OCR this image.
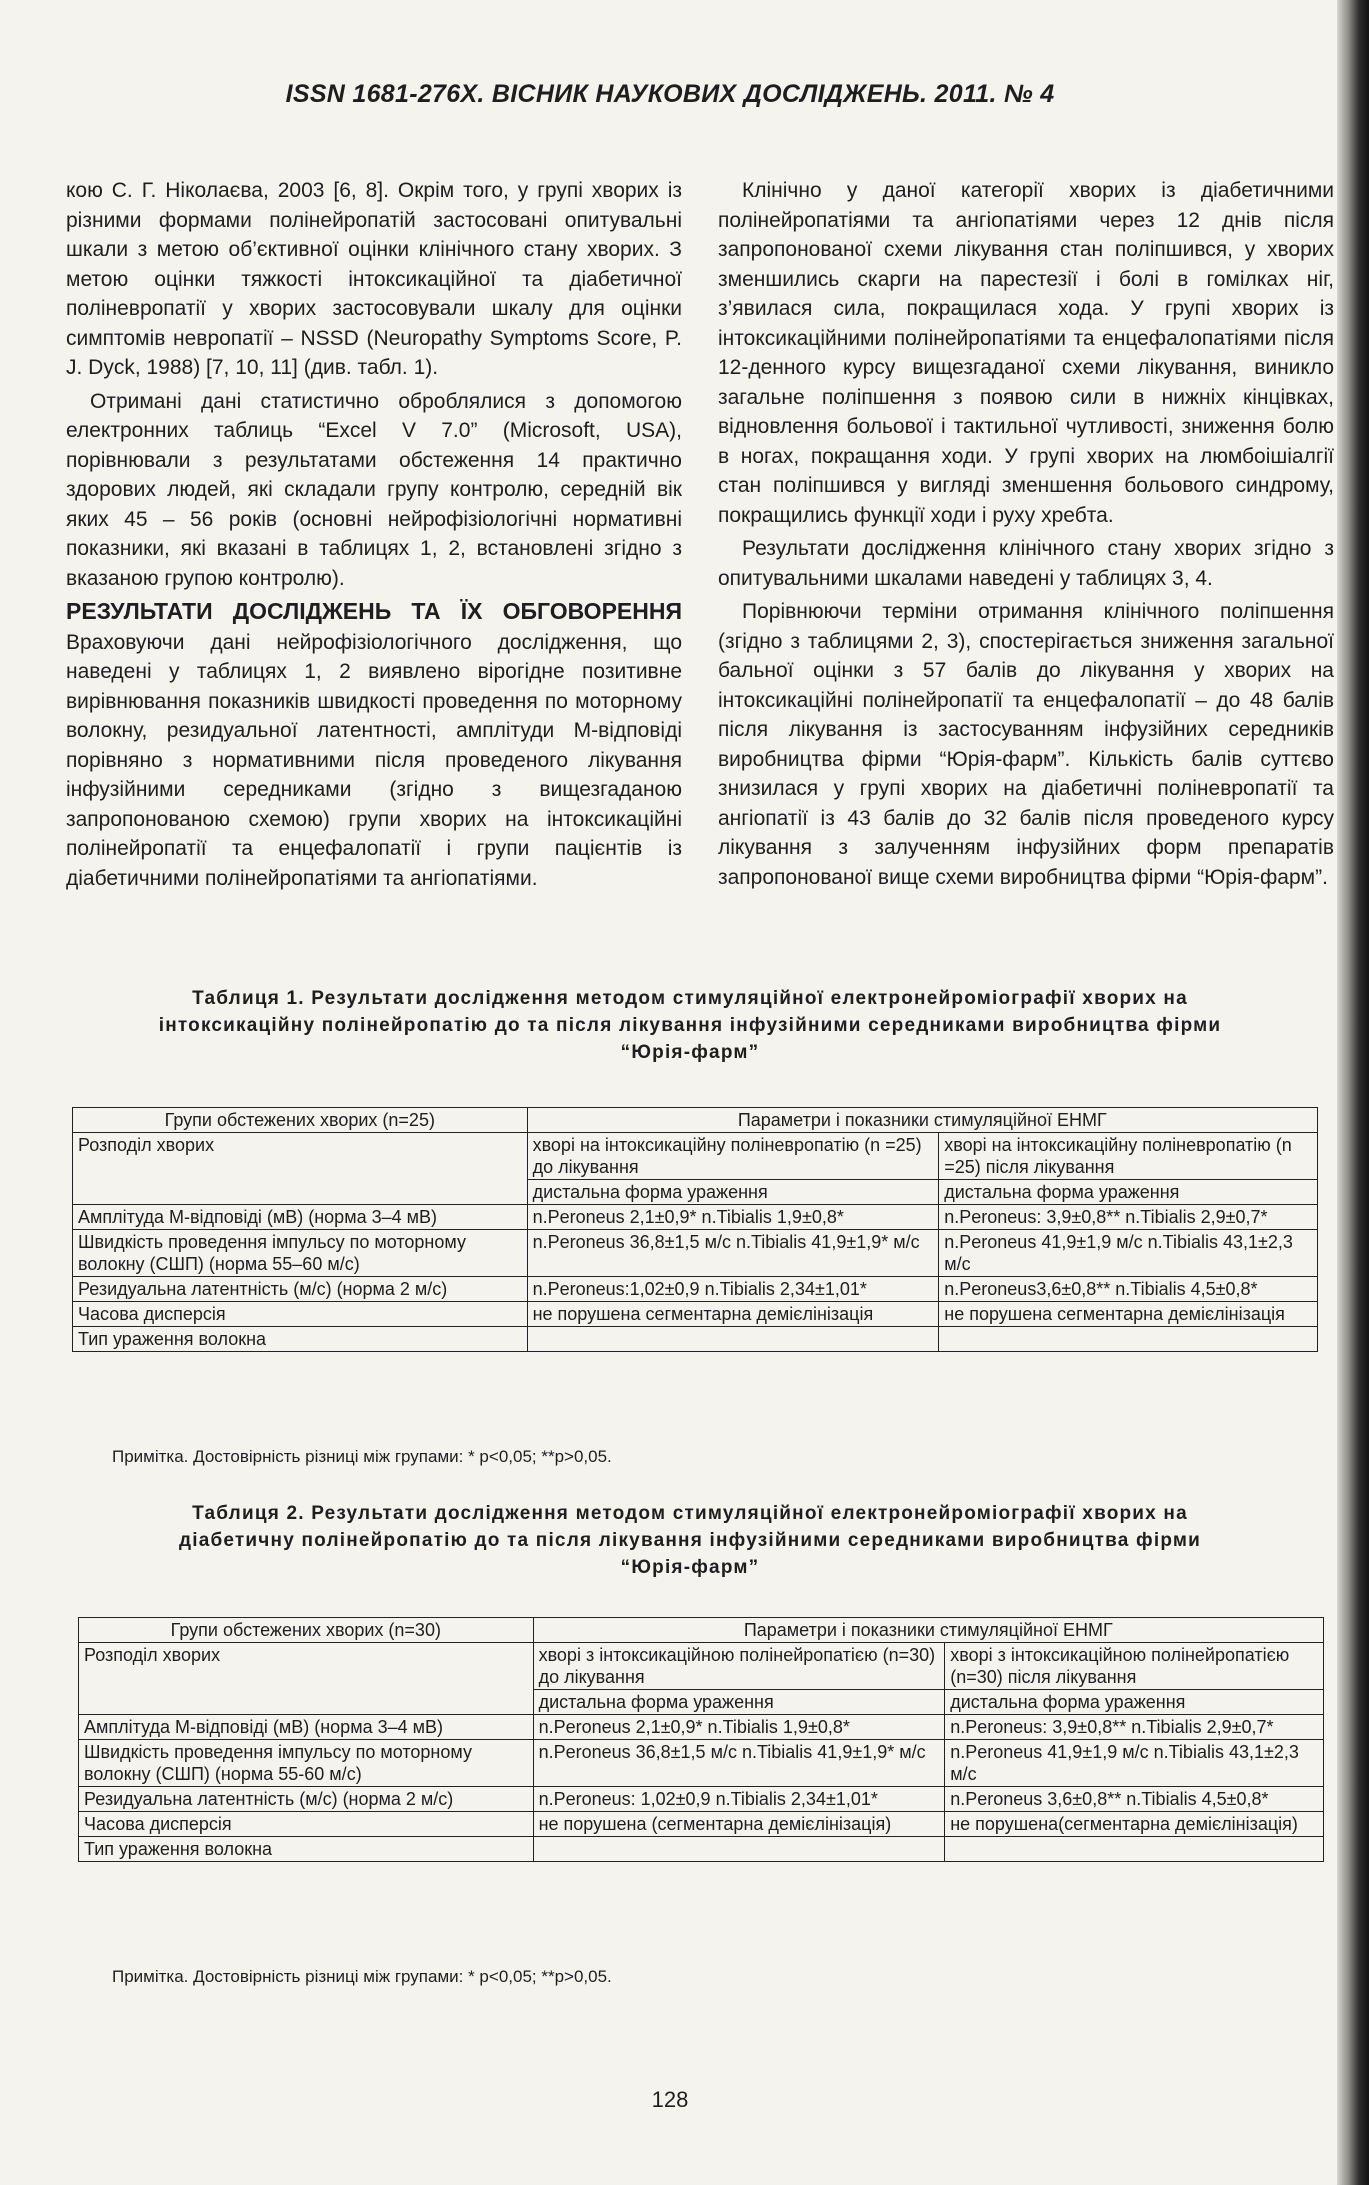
ISSN 1681-276X. ВІСНИК НАУКОВИХ ДОСЛІДЖЕНЬ. 2011. № 4

кою С. Г. Ніколаєва, 2003 [6, 8]. Окрім того, у групі хворих із різними формами полінейропатій застосовані опитувальні шкали з метою об’єктивної оцінки клінічного стану хворих. З метою оцінки тяжкості інтоксикаційної та діабетичної поліневропатії у хворих застосовували шкалу для оцінки симптомів невропатії – NSSD (Neuropathy Symptoms Score, P. J. Dyck, 1988) [7, 10, 11] (див. табл. 1).

Отримані дані статистично оброблялися з допомогою електронних таблиць “Excel V 7.0” (Microsoft, USA), порівнювали з результатами обстеження 14 практично здорових людей, які складали групу контролю, середній вік яких 45 – 56 років (основні нейрофізіологічні нормативні показники, які вказані в таблицях 1, 2, встановлені згідно з вказаною групою контролю).

РЕЗУЛЬТАТИ ДОСЛІДЖЕНЬ ТА ЇХ ОБГОВОРЕННЯ Враховуючи дані нейрофізіологічного дослідження, що наведені у таблицях 1, 2 виявлено вірогідне позитивне вирівнювання показників швидкості проведення по моторному волокну, резидуальної латентності, амплітуди М-відповіді порівняно з нормативними після проведеного лікування інфузійними середниками (згідно з вищезгаданою запропонованою схемою) групи хворих на інтоксикаційні полінейропатії та енцефалопатії і групи пацієнтів із діабетичними полінейропатіями та ангіопатіями.

Клінічно у даної категорії хворих із діабетичними полінейропатіями та ангіопатіями через 12 днів після запропонованої схеми лікування стан поліпшився, у хворих зменшились скарги на парестезії і болі в гомілках ніг, з’явилася сила, покращилася хода. У групі хворих із інтоксикаційними полінейропатіями та енцефалопатіями після 12-денного курсу вищезгаданої схеми лікування, виникло загальне поліпшення з появою сили в нижніх кінцівках, відновлення больової і тактильної чутливості, зниження болю в ногах, покращання ходи. У групі хворих на люмбоішіалгії стан поліпшився у вигляді зменшення больового синдрому, покращились функції ходи і руху хребта.

Результати дослідження клінічного стану хворих згідно з опитувальними шкалами наведені у таблицях 3, 4.

Порівнюючи терміни отримання клінічного поліпшення (згідно з таблицями 2, 3), спостерігається зниження загальної бальної оцінки з 57 балів до лікування у хворих на інтоксикаційні полінейропатії та енцефалопатії – до 48 балів після лікування із застосуванням інфузійних середників виробництва фірми “Юрія-фарм”. Кількість балів суттєво знизилася у групі хворих на діабетичні поліневропатії та ангіопатії із 43 балів до 32 балів після проведеного курсу лікування з залученням інфузійних форм препаратів запропонованої вище схеми виробництва фірми “Юрія-фарм”.

Таблиця 1. Результати дослідження методом стимуляційної електронейроміографії хворих на
інтоксикаційну полінейропатію до та після лікування інфузійними середниками виробництва фірми
“Юрія-фарм”
Групи обстежених хворих (n=25)	Параметри і показники стимуляційної ЕНМГ	
Розподіл хворих	хворі на інтоксикаційну поліневропатію (n =25) до лікування	хворі на інтоксикаційну поліневропатію (n =25) після лікування
	дистальна форма ураження	дистальна форма ураження
Амплітуда М-відповіді (мВ) (норма 3–4 мВ)	n.Peroneus 2,1±0,9* n.Tibialis 1,9±0,8*	n.Peroneus: 3,9±0,8** n.Tibialis 2,9±0,7*
Швидкість проведення імпульсу по моторному волокну (СШП) (норма 55–60 м/с)	n.Peroneus 36,8±1,5 м/с n.Tibialis 41,9±1,9* м/с	n.Peroneus 41,9±1,9 м/с n.Tibialis 43,1±2,3 м/с
Резидуальна латентність (м/с) (норма 2 м/с)	n.Peroneus:1,02±0,9 n.Tibialis 2,34±1,01*	n.Peroneus3,6±0,8** n.Tibialis 4,5±0,8*
Часова дисперсія	не порушена сегментарна демієлінізація	не порушена сегментарна демієлінізація
Тип ураження волокна		
Примітка. Достовірність різниці між групами: * p<0,05; **p>0,05.
Таблиця 2. Результати дослідження методом стимуляційної електронейроміографії хворих на
діабетичну полінейропатію до та після лікування інфузійними середниками виробництва фірми
“Юрія-фарм”
Групи обстежених хворих (n=30)	Параметри і показники стимуляційної ЕНМГ	
Розподіл хворих	хворі з інтоксикаційною полінейропатією (n=30) до лікування	хворі з інтоксикаційною полінейропатією (n=30) після лікування
	дистальна форма ураження	дистальна форма ураження
Амплітуда М-відповіді (мВ) (норма 3–4 мВ)	n.Peroneus 2,1±0,9* n.Tibialis 1,9±0,8*	n.Peroneus: 3,9±0,8** n.Tibialis 2,9±0,7*
Швидкість проведення імпульсу по моторному волокну (СШП) (норма 55-60 м/с)	n.Peroneus 36,8±1,5 м/с n.Tibialis 41,9±1,9* м/с	n.Peroneus 41,9±1,9 м/с n.Tibialis 43,1±2,3 м/с
Резидуальна латентність (м/с) (норма 2 м/с)	n.Peroneus: 1,02±0,9 n.Tibialis 2,34±1,01*	n.Peroneus 3,6±0,8** n.Tibialis 4,5±0,8*
Часова дисперсія	не порушена (сегментарна демієлінізація)	не порушена(сегментарна демієлінізація)
Тип ураження волокна		
Примітка. Достовірність різниці між групами: * p<0,05; **p>0,05.
128
